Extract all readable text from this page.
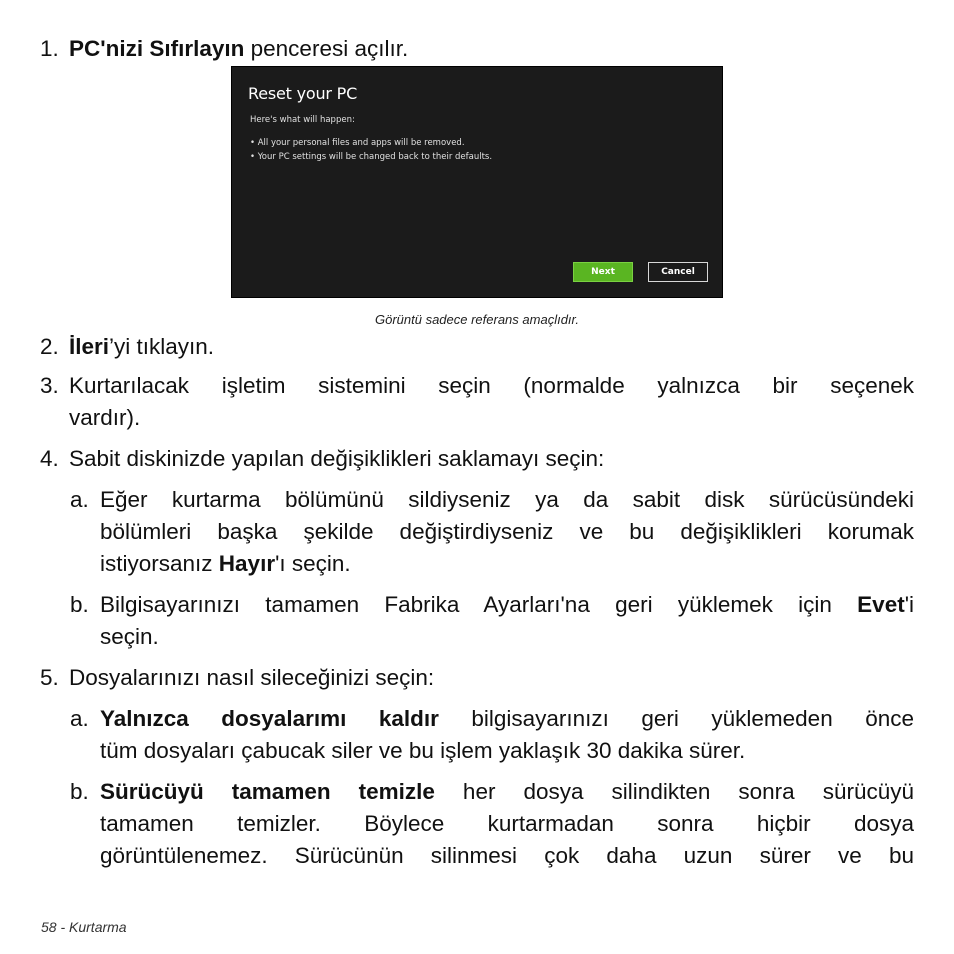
1. PC'nizi Sıfırlayın penceresi açılır.
Reset your PC
Here's what will happen:
• All your personal files and apps will be removed.
• Your PC settings will be changed back to their defaults.
Next	Cancel
Görüntü sadece referans amaçlıdır.
2. İleri’yi tıklayın.
3. Kurtarılacak işletim sistemini seçin (normalde yalnızca bir seçenek
vardır).
4. Sabit diskinizde yapılan değişiklikleri saklamayı seçin:
a. Eğer kurtarma bölümünü sildiyseniz ya da sabit disk sürücüsündeki
bölümleri başka şekilde değiştirdiyseniz ve bu değişiklikleri korumak
istiyorsanız Hayır'ı seçin.
b. Bilgisayarınızı tamamen Fabrika Ayarları'na geri yüklemek için Evet'i
seçin.
5. Dosyalarınızı nasıl sileceğinizi seçin:
a. Yalnızca dosyalarımı kaldır bilgisayarınızı geri yüklemeden önce
tüm dosyaları çabucak siler ve bu işlem yaklaşık 30 dakika sürer.
b. Sürücüyü tamamen temizle her dosya silindikten sonra sürücüyü
tamamen temizler. Böylece kurtarmadan sonra hiçbir dosya
görüntülenemez. Sürücünün silinmesi çok daha uzun sürer ve bu
58 - Kurtarma
